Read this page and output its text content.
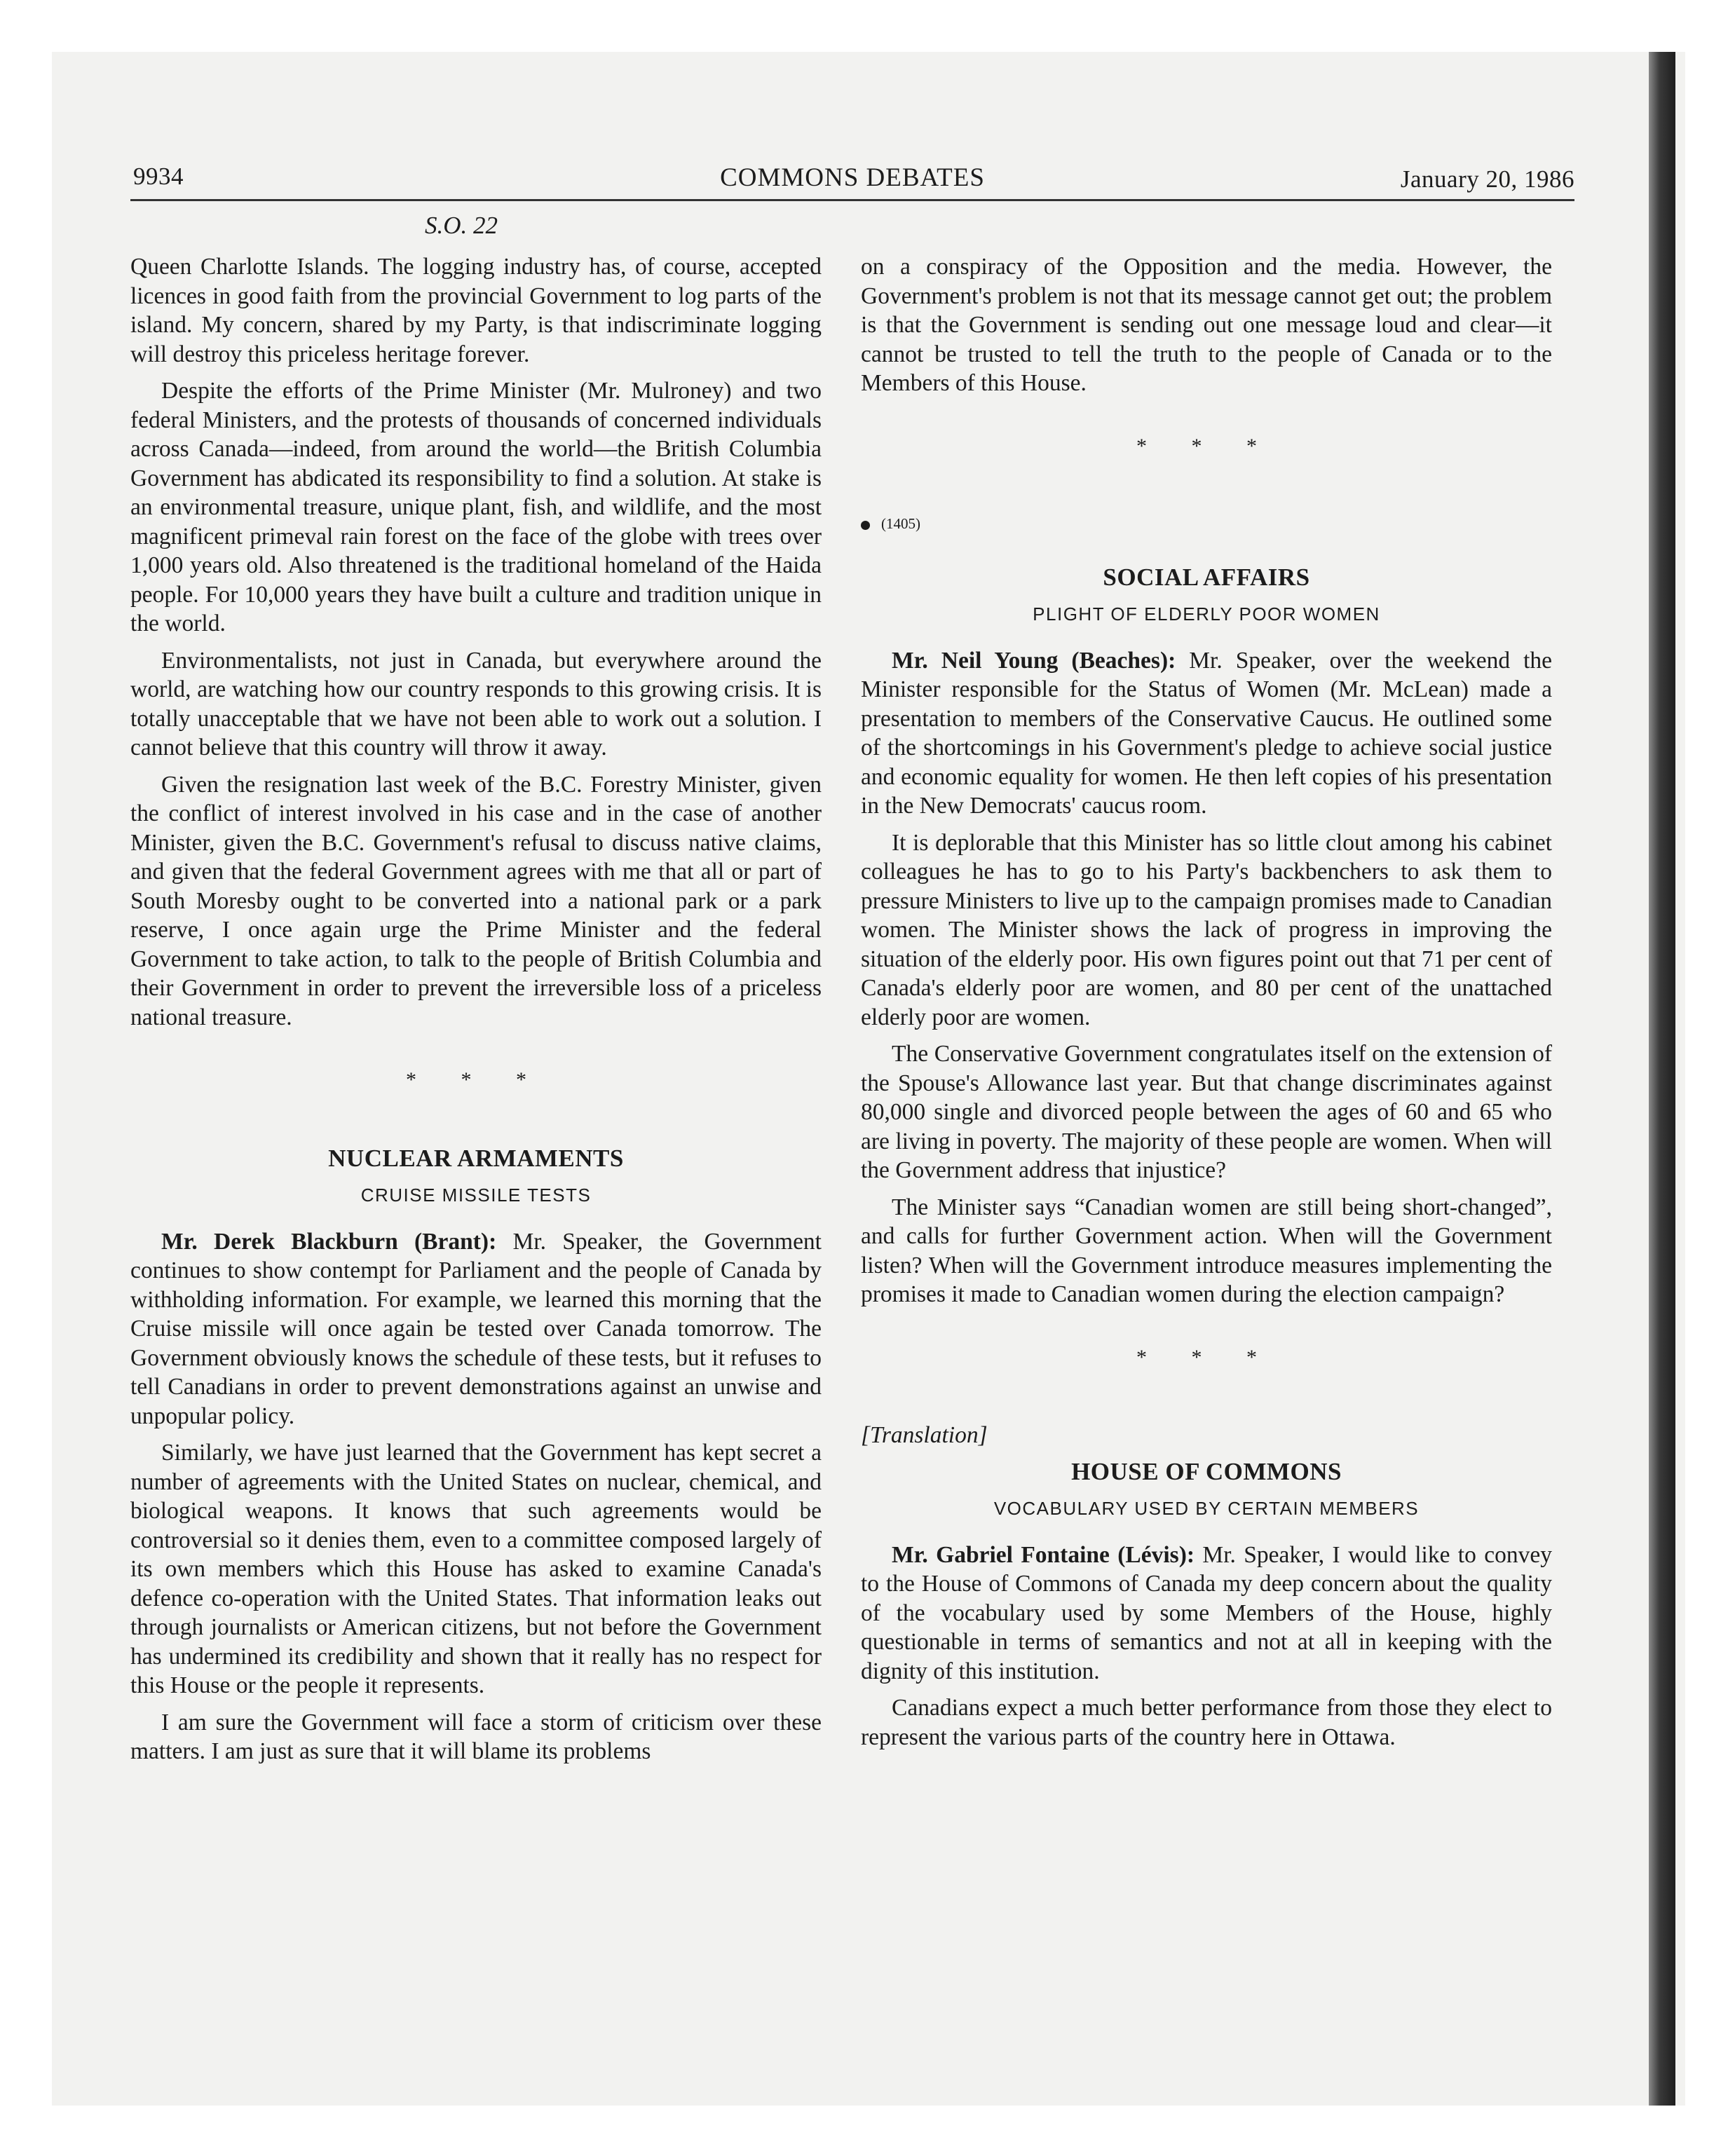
9934	COMMONS DEBATES	January 20, 1986
S.O. 22

Queen Charlotte Islands. The logging industry has, of course, accepted licences in good faith from the provincial Government to log parts of the island. My concern, shared by my Party, is that indiscriminate logging will destroy this priceless heritage forever.

Despite the efforts of the Prime Minister (Mr. Mulroney) and two federal Ministers, and the protests of thousands of concerned individuals across Canada—indeed, from around the world—the British Columbia Government has abdicated its responsibility to find a solution. At stake is an environmental treasure, unique plant, fish, and wildlife, and the most magnificent primeval rain forest on the face of the globe with trees over 1,000 years old. Also threatened is the traditional homeland of the Haida people. For 10,000 years they have built a culture and tradition unique in the world.

Environmentalists, not just in Canada, but everywhere around the world, are watching how our country responds to this growing crisis. It is totally unacceptable that we have not been able to work out a solution. I cannot believe that this country will throw it away.

Given the resignation last week of the B.C. Forestry Minister, given the conflict of interest involved in his case and in the case of another Minister, given the B.C. Government's refusal to discuss native claims, and given that the federal Government agrees with me that all or part of South Moresby ought to be converted into a national park or a park reserve, I once again urge the Prime Minister and the federal Government to take action, to talk to the people of British Columbia and their Government in order to prevent the irreversible loss of a priceless national treasure.

* * *
NUCLEAR ARMAMENTS
CRUISE MISSILE TESTS

Mr. Derek Blackburn (Brant): Mr. Speaker, the Government continues to show contempt for Parliament and the people of Canada by withholding information. For example, we learned this morning that the Cruise missile will once again be tested over Canada tomorrow. The Government obviously knows the schedule of these tests, but it refuses to tell Canadians in order to prevent demonstrations against an unwise and unpopular policy.

Similarly, we have just learned that the Government has kept secret a number of agreements with the United States on nuclear, chemical, and biological weapons. It knows that such agreements would be controversial so it denies them, even to a committee composed largely of its own members which this House has asked to examine Canada's defence co-operation with the United States. That information leaks out through journalists or American citizens, but not before the Government has undermined its credibility and shown that it really has no respect for this House or the people it represents.

I am sure the Government will face a storm of criticism over these matters. I am just as sure that it will blame its problems

on a conspiracy of the Opposition and the media. However, the Government's problem is not that its message cannot get out; the problem is that the Government is sending out one message loud and clear—it cannot be trusted to tell the truth to the people of Canada or to the Members of this House.

* * *
(1405)
SOCIAL AFFAIRS
PLIGHT OF ELDERLY POOR WOMEN

Mr. Neil Young (Beaches): Mr. Speaker, over the weekend the Minister responsible for the Status of Women (Mr. McLean) made a presentation to members of the Conservative Caucus. He outlined some of the shortcomings in his Government's pledge to achieve social justice and economic equality for women. He then left copies of his presentation in the New Democrats' caucus room.

It is deplorable that this Minister has so little clout among his cabinet colleagues he has to go to his Party's backbenchers to ask them to pressure Ministers to live up to the campaign promises made to Canadian women. The Minister shows the lack of progress in improving the situation of the elderly poor. His own figures point out that 71 per cent of Canada's elderly poor are women, and 80 per cent of the unattached elderly poor are women.

The Conservative Government congratulates itself on the extension of the Spouse's Allowance last year. But that change discriminates against 80,000 single and divorced people between the ages of 60 and 65 who are living in poverty. The majority of these people are women. When will the Government address that injustice?

The Minister says “Canadian women are still being short-changed”, and calls for further Government action. When will the Government listen? When will the Government introduce measures implementing the promises it made to Canadian women during the election campaign?

* * *
[Translation]
HOUSE OF COMMONS
VOCABULARY USED BY CERTAIN MEMBERS

Mr. Gabriel Fontaine (Lévis): Mr. Speaker, I would like to convey to the House of Commons of Canada my deep concern about the quality of the vocabulary used by some Members of the House, highly questionable in terms of semantics and not at all in keeping with the dignity of this institution.

Canadians expect a much better performance from those they elect to represent the various parts of the country here in Ottawa.
